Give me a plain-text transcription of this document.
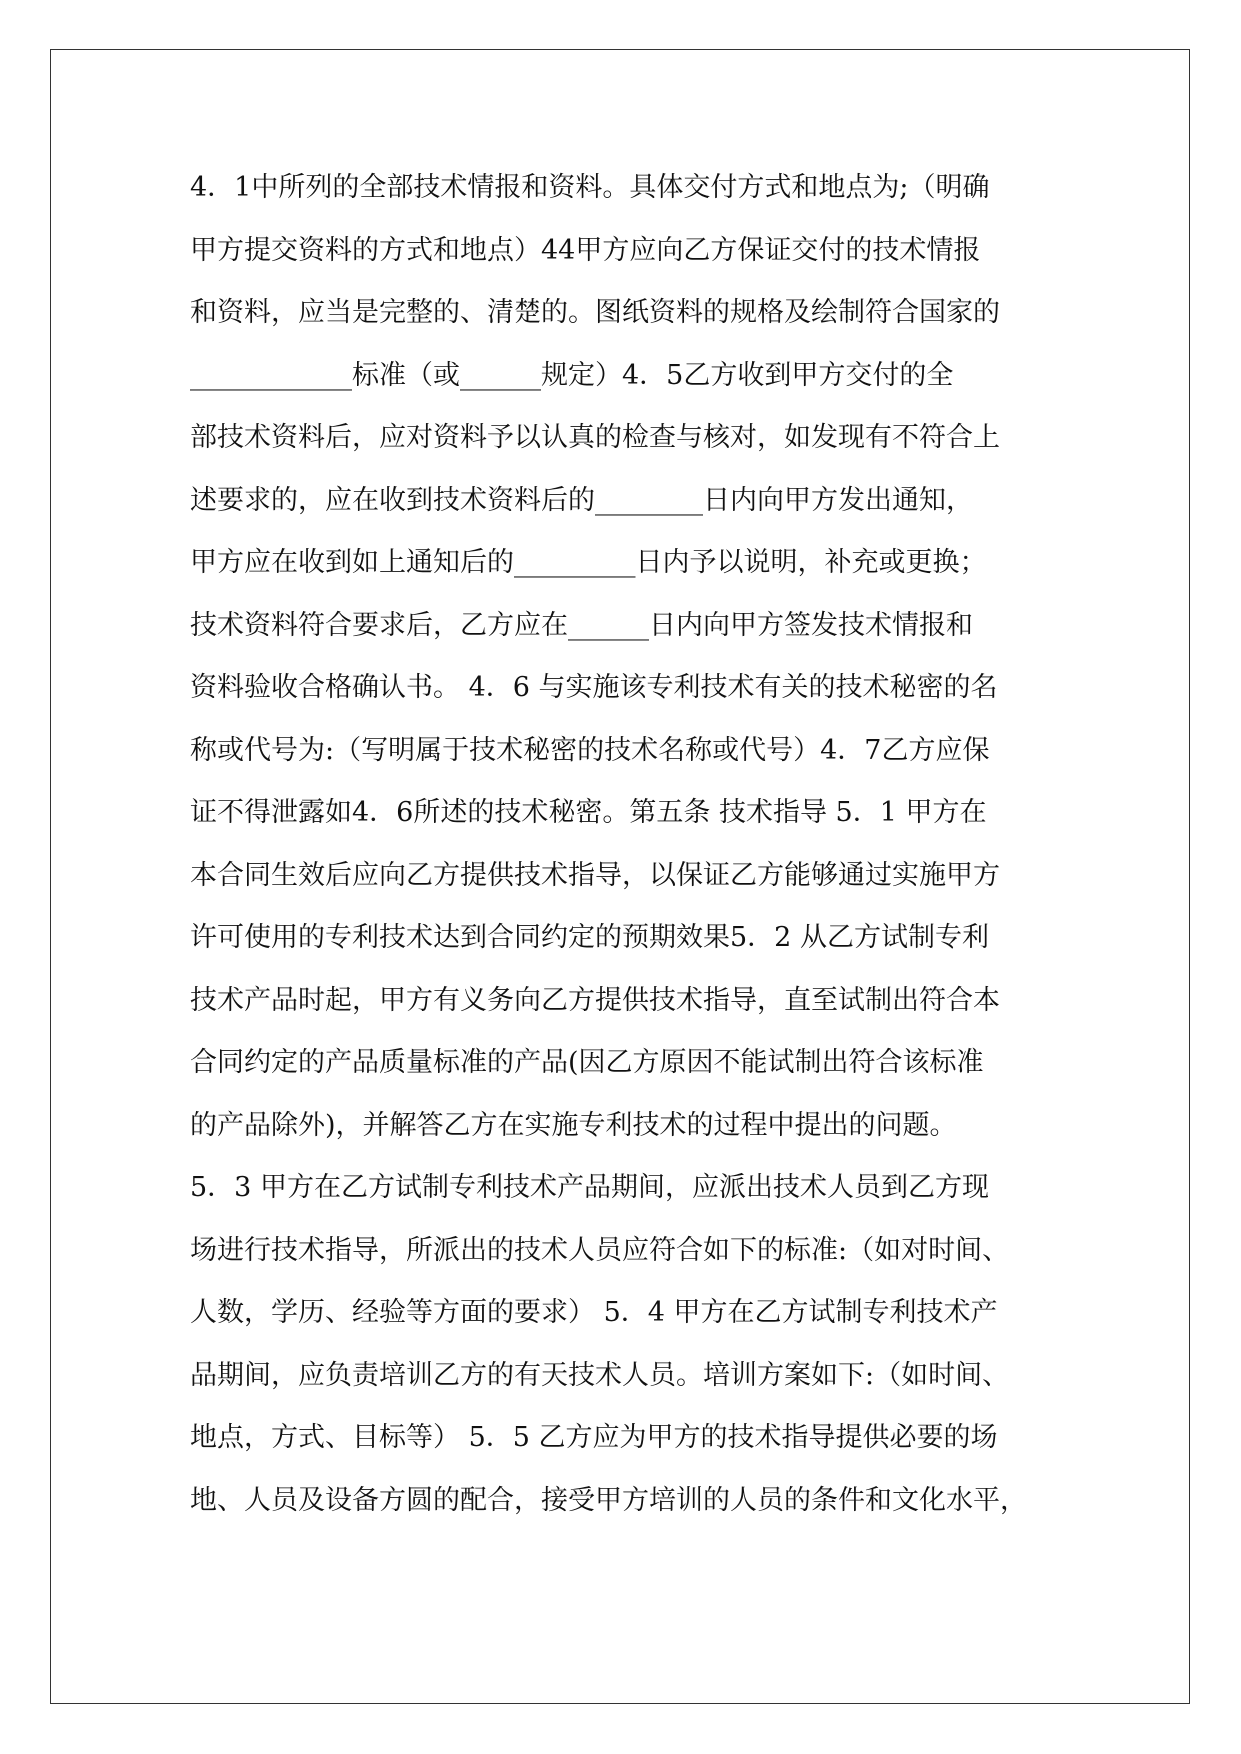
4．1中所列的全部技术情报和资料。具体交付方式和地点为;（明确
甲方提交资料的方式和地点）44甲方应向乙方保证交付的技术情报
和资料，应当是完整的、清楚的。图纸资料的规格及绘制符合国家的
____________标准（或______规定）4．5乙方收到甲方交付的全
部技术资料后，应对资料予以认真的检查与核对，如发现有不符合上
述要求的，应在收到技术资料后的________日内向甲方发出通知，
甲方应在收到如上通知后的_________日内予以说明，补充或更换；
技术资料符合要求后，乙方应在______日内向甲方签发技术情报和
资料验收合格确认书。 4．6 与实施该专利技术有关的技术秘密的名
称或代号为:（写明属于技术秘密的技术名称或代号）4．7乙方应保
证不得泄露如4．6所述的技术秘密。第五条 技术指导 5．1 甲方在
本合同生效后应向乙方提供技术指导，以保证乙方能够通过实施甲方
许可使用的专利技术达到合同约定的预期效果5．2 从乙方试制专利
技术产品时起，甲方有义务向乙方提供技术指导，直至试制出符合本
合同约定的产品质量标准的产品(因乙方原因不能试制出符合该标准
的产品除外)，并解答乙方在实施专利技术的过程中提出的问题。
5．3 甲方在乙方试制专利技术产品期间，应派出技术人员到乙方现
场进行技术指导，所派出的技术人员应符合如下的标准:（如对时间、
人数，学历、经验等方面的要求） 5．4 甲方在乙方试制专利技术产
品期间，应负责培训乙方的有天技术人员。培训方案如下:（如时间、
地点，方式、目标等） 5．5 乙方应为甲方的技术指导提供必要的场
地、人员及设备方圆的配合，接受甲方培训的人员的条件和文化水平，
